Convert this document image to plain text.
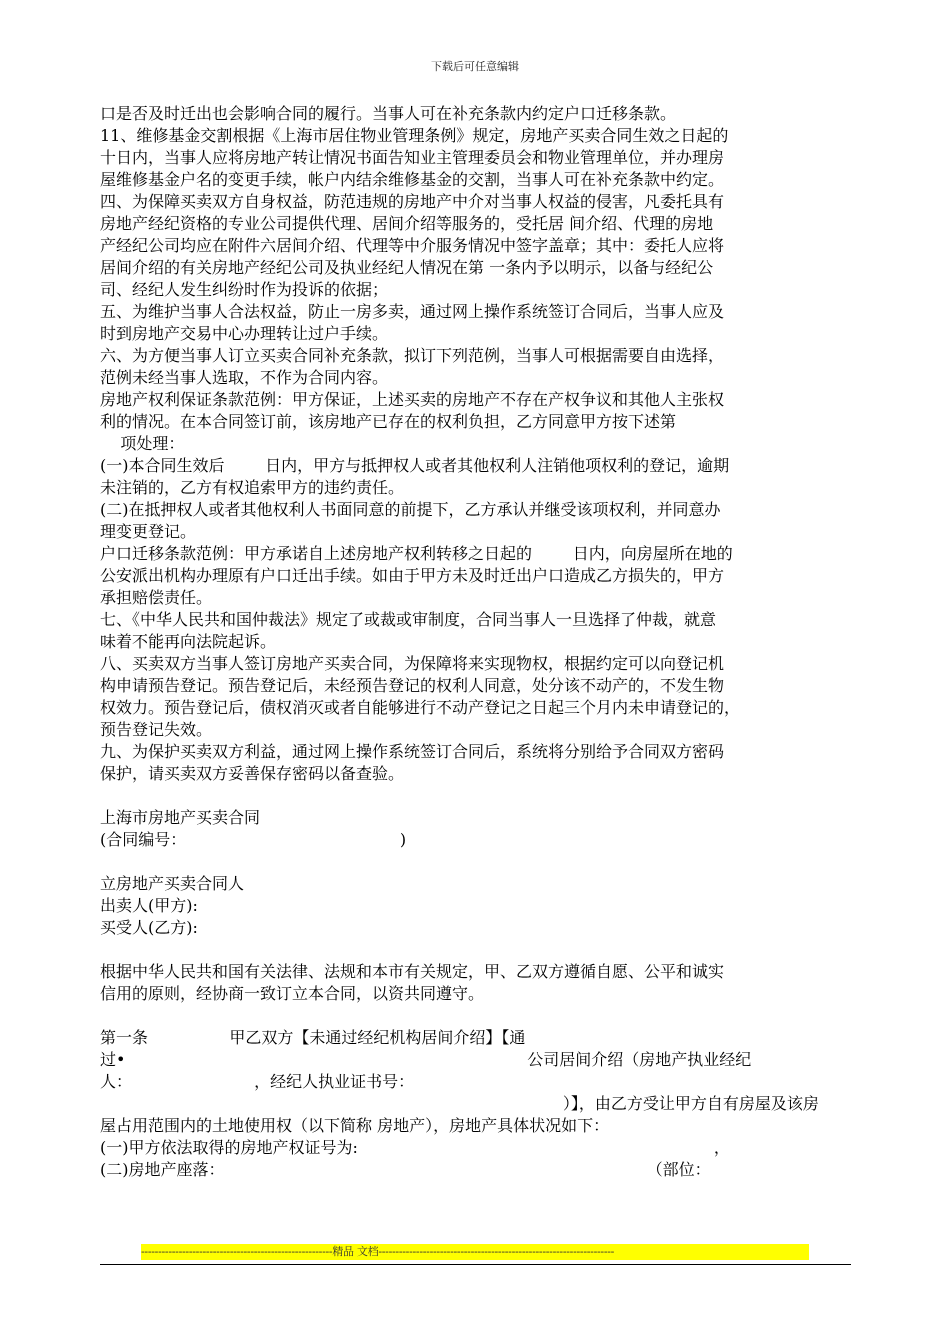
下载后可任意编辑

口是否及时迁出也会影响合同的履行。当事人可在补充条款内约定户口迁移条款。

11、维修基金交割根据《上海市居住物业管理条例》规定，房地产买卖合同生效之日起的

十日内，当事人应将房地产转让情况书面告知业主管理委员会和物业管理单位，并办理房

屋维修基金户名的变更手续，帐户内结余维修基金的交割，当事人可在补充条款中约定。

四、为保障买卖双方自身权益，防范违规的房地产中介对当事人权益的侵害，凡委托具有

房地产经纪资格的专业公司提供代理、居间介绍等服务的，受托居 间介绍、代理的房地

产经纪公司均应在附件六居间介绍、代理等中介服务情况中签字盖章；其中：委托人应将

居间介绍的有关房地产经纪公司及执业经纪人情况在第 一条内予以明示，以备与经纪公

司、经纪人发生纠纷时作为投诉的依据；

五、为维护当事人合法权益，防止一房多卖，通过网上操作系统签订合同后，当事人应及

时到房地产交易中心办理转让过户手续。

六、为方便当事人订立买卖合同补充条款，拟订下列范例，当事人可根据需要自由选择，

范例未经当事人选取，不作为合同内容。

房地产权利保证条款范例：甲方保证，上述买卖的房地产不存在产权争议和其他人主张权

利的情况。在本合同签订前，该房地产已存在的权利负担，乙方同意甲方按下述第

项处理：

(一)本合同生效后        日内，甲方与抵押权人或者其他权利人注销他项权利的登记，逾期

未注销的，乙方有权追索甲方的违约责任。

(二)在抵押权人或者其他权利人书面同意的前提下，乙方承认并继受该项权利，并同意办

理变更登记。

户口迁移条款范例：甲方承诺自上述房地产权利转移之日起的        日内，向房屋所在地的

公安派出机构办理原有户口迁出手续。如由于甲方未及时迁出户口造成乙方损失的，甲方

承担赔偿责任。

七、《中华人民共和国仲裁法》规定了或裁或审制度，合同当事人一旦选择了仲裁，就意

味着不能再向法院起诉。

八、买卖双方当事人签订房地产买卖合同，为保障将来实现物权，根据约定可以向登记机

构申请预告登记。预告登记后，未经预告登记的权利人同意，处分该不动产的，不发生物

权效力。预告登记后，债权消灭或者自能够进行不动产登记之日起三个月内未申请登记的，

预告登记失效。

九、为保护买卖双方利益，通过网上操作系统签订合同后，系统将分别给予合同双方密码

保护，请买卖双方妥善保存密码以备查验。

上海市房地产买卖合同

(合同编号：                                          )

立房地产买卖合同人

出卖人(甲方):

买受人(乙方):

根据中华人民共和国有关法律、法规和本市有关规定，甲、乙双方遵循自愿、公平和诚实

信用的原则，经协商一致订立本合同，以资共同遵守。

第一条                甲乙双方【未通过经纪机构居间介绍】【通

过•                                                                               公司居间介绍（房地产执业经纪

人：                        ，经纪人执业证书号：

）】，由乙方受让甲方自有房屋及该房

屋占用范围内的土地使用权（以下简称 房地产），房地产具体状况如下：

(一)甲方依法取得的房地产权证号为:                                                                      ，

(二)房地产座落：                                                                                   （部位：

--------------------------------------------------------精品 文档---------------------------------------------------------------------
